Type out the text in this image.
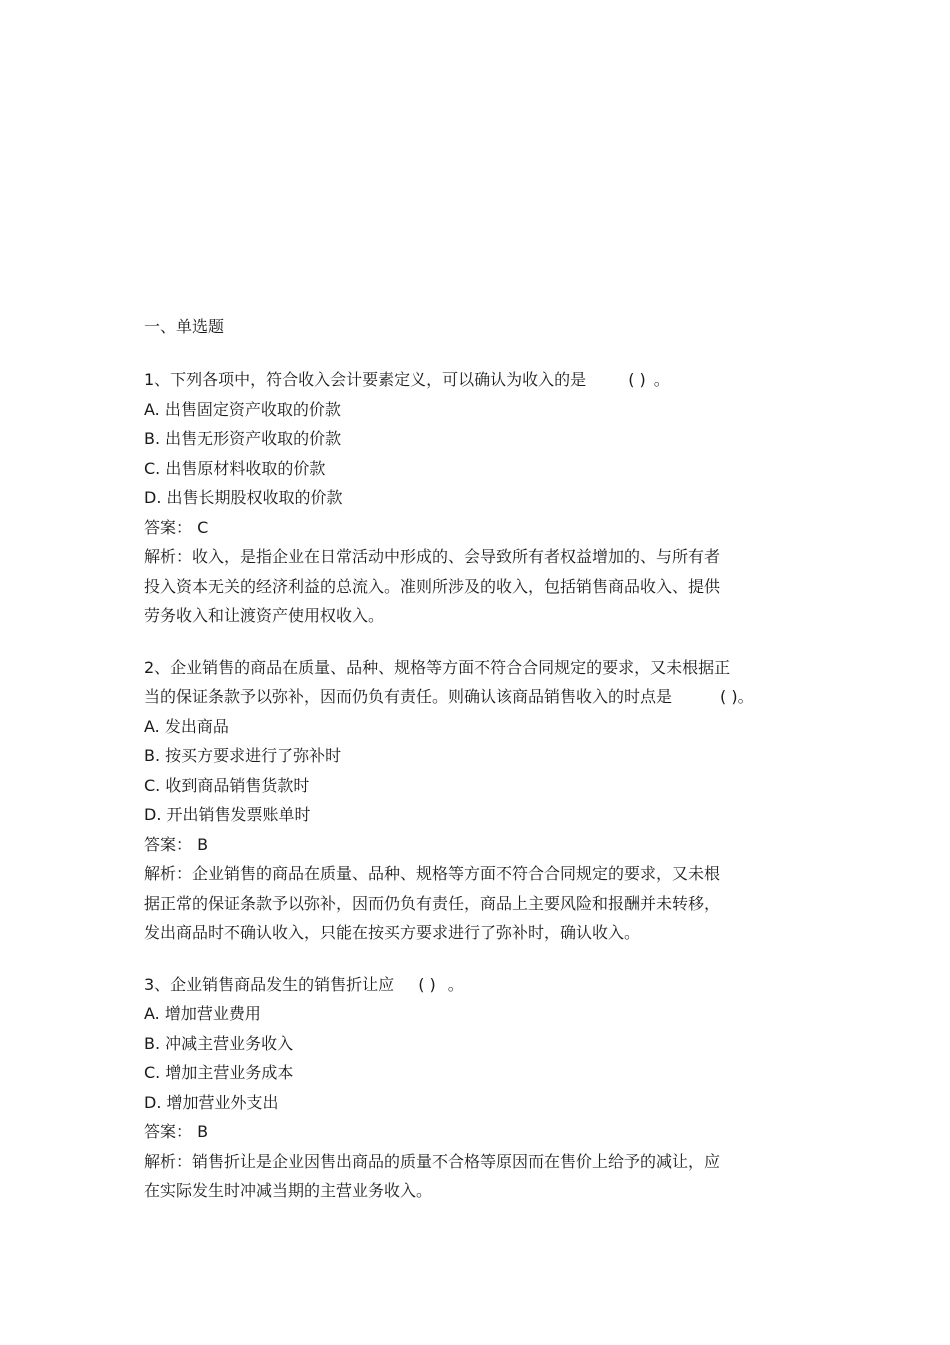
一、单选题
1、下列各项中，符合收入会计要素定义，可以确认为收入的是	( ) 。
A. 出售固定资产收取的价款
B. 出售无形资产收取的价款
C. 出售原材料收取的价款
D. 出售长期股权收取的价款
答案： C
解析：收入，是指企业在日常活动中形成的、会导致所有者权益增加的、与所有者
投入资本无关的经济利益的总流入。准则所涉及的收入，包括销售商品收入、提供
劳务收入和让渡资产使用权收入。
2、企业销售的商品在质量、品种、规格等方面不符合合同规定的要求，又未根据正
当的保证条款予以弥补，因而仍负有责任。则确认该商品销售收入的时点是	( )。
A. 发出商品
B. 按买方要求进行了弥补时
C. 收到商品销售货款时
D. 开出销售发票账单时
答案： B
解析：企业销售的商品在质量、品种、规格等方面不符合合同规定的要求，又未根
据正常的保证条款予以弥补，因而仍负有责任，商品上主要风险和报酬并未转移，
发出商品时不确认收入，只能在按买方要求进行了弥补时，确认收入。
3、企业销售商品发生的销售折让应 ( ) 。
A. 增加营业费用
B. 冲减主营业务收入
C. 增加主营业务成本
D. 增加营业外支出
答案： B
解析：销售折让是企业因售出商品的质量不合格等原因而在售价上给予的减让，应
在实际发生时冲减当期的主营业务收入。
